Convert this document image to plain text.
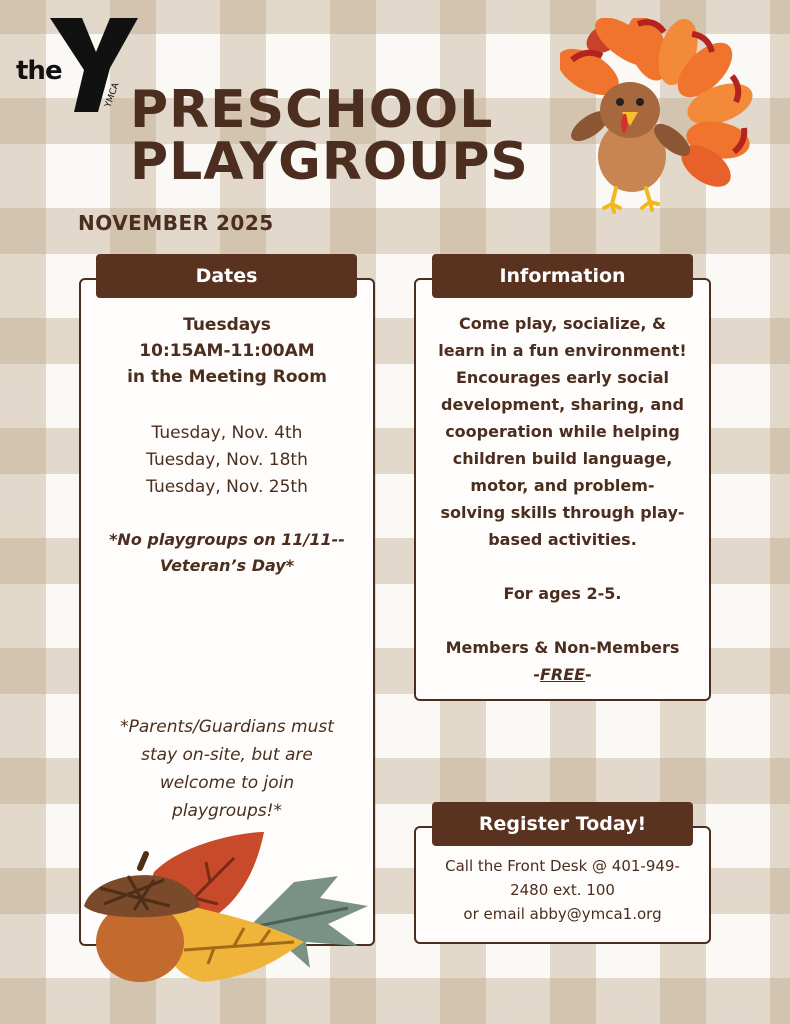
the
YMCA PRESCHOOL
PLAYGROUPS
NOVEMBER 2025
Dates
Tuesdays
10:15AM-11:00AM
in the Meeting Room
Tuesday, Nov. 4th
Tuesday, Nov. 18th
Tuesday, Nov. 25th
*No playgroups on 11/11--
Veteran’s Day*
*Parents/Guardians must
stay on-site, but are
welcome to join
playgroups!*
Information
Come play, socialize, &
learn in a fun environment!
Encourages early social
development, sharing, and
cooperation while helping
children build language,
motor, and problem-
solving skills through play-
based activities.
For ages 2-5.
Members & Non-Members
-FREE-
Register Today!
Call the Front Desk @ 401-949-
2480 ext. 100
or email abby@ymca1.org
